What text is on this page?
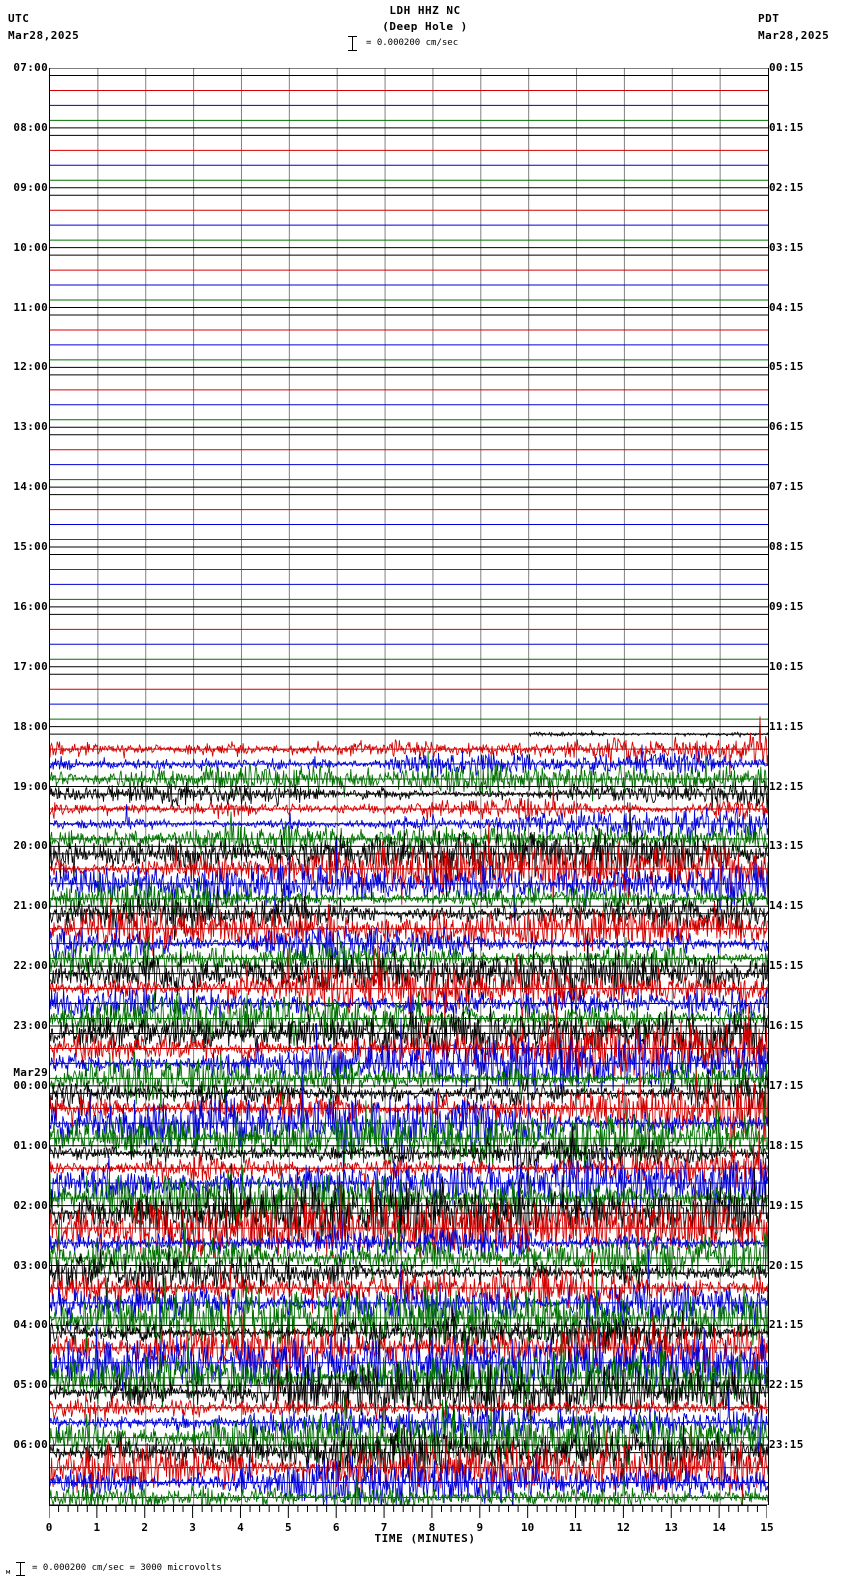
UTC
Mar28,2025
LDH HHZ NC
(Deep Hole )
= 0.000200 cm/sec
PDT
Mar28,2025
07:00
08:00
09:00
10:00
11:00
12:00
13:00
14:00
15:00
16:00
17:00
18:00
19:00
20:00
21:00
22:00
23:00
00:00
01:00
02:00
03:00
04:00
05:00
06:00
Mar29
00:15
01:15
02:15
03:15
04:15
05:15
06:15
07:15
08:15
09:15
10:15
11:15
12:15
13:15
14:15
15:15
16:15
17:15
18:15
19:15
20:15
21:15
22:15
23:15
0	1	2	3	4	5	6	7	8	9	10	11	12	13	14	15
TIME (MINUTES)
м = 0.000200 cm/sec = 3000 microvolts
